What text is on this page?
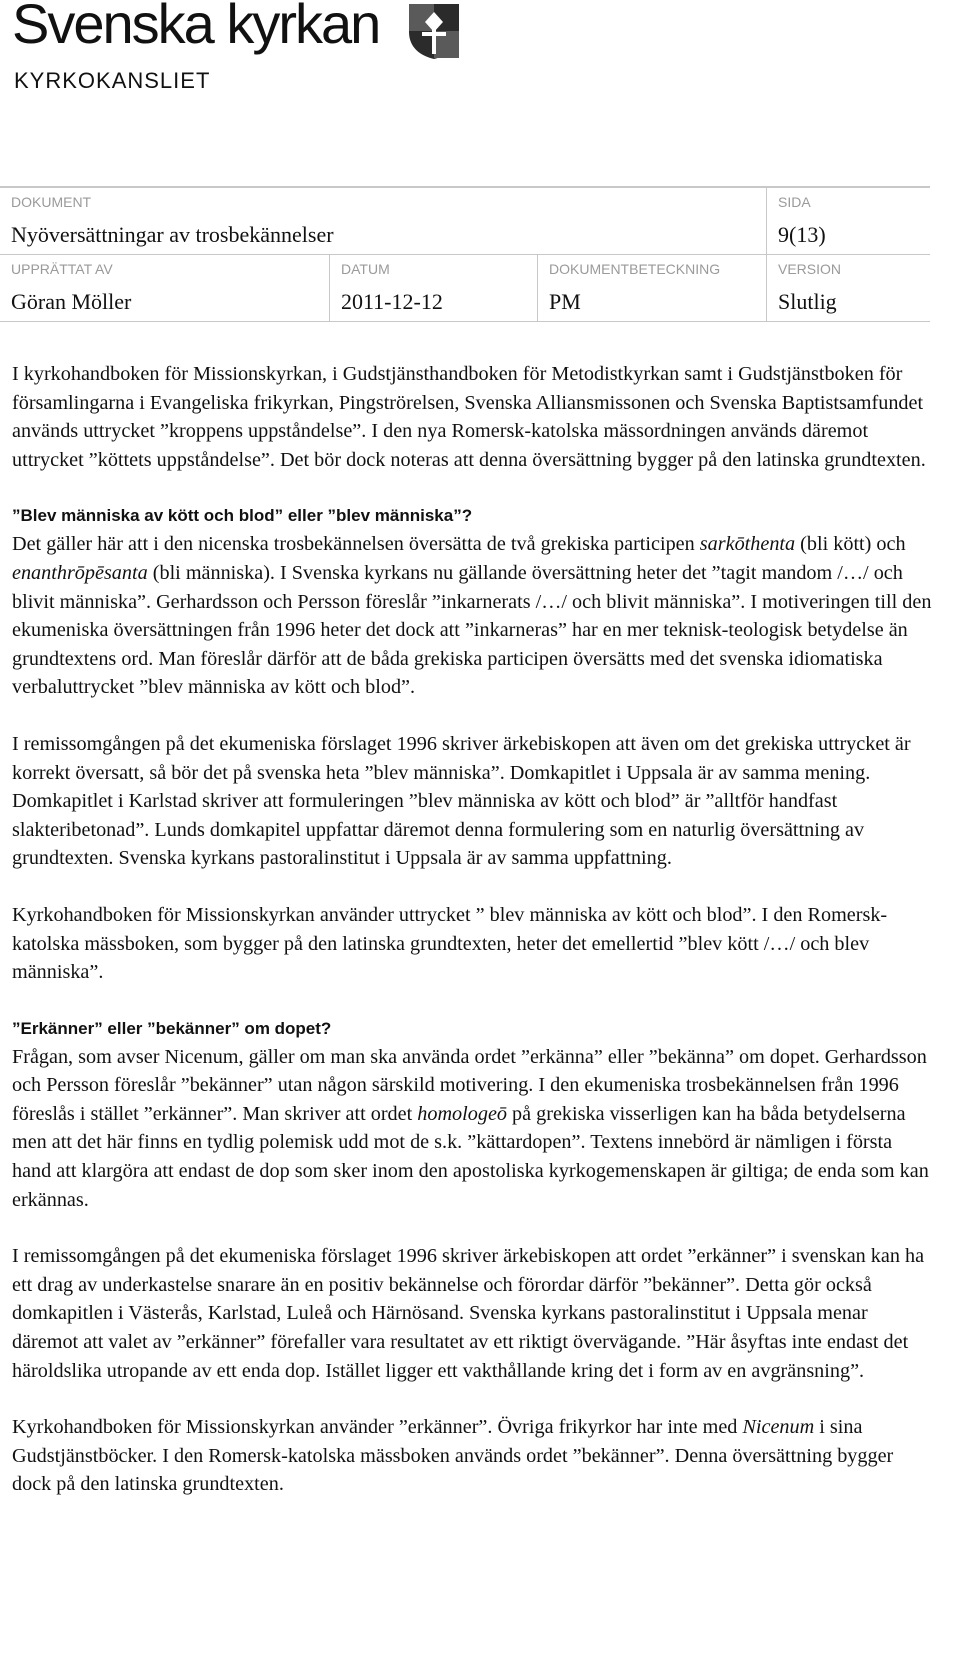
Svenska kyrkan
KYRKOKANSLIET
DOKUMENT
Nyöversättningar av trosbekännelser
SIDA
9(13)
UPPRÄTTAT AV
Göran Möller
DATUM
2011-12-12
DOKUMENTBETECKNING
PM
VERSION
Slutlig

I kyrkohandboken för Missionskyrkan, i Gudstjänsthandboken för Metodistkyrkan samt i Gudstjänstboken för församlingarna i Evangeliska frikyrkan, Pingströrelsen, Svenska Alliansmissonen och Svenska Baptistsamfundet används uttrycket ”kroppens uppståndelse”. I den nya Romersk-katolska mässordningen används däremot uttrycket ”köttets uppståndelse”. Det bör dock noteras att denna översättning bygger på den latinska grundtexten.

”Blev människa av kött och blod” eller ”blev människa”?

Det gäller här att i den nicenska trosbekännelsen översätta de två grekiska participen sarkōthenta (bli kött) och enanthrōpēsanta (bli människa). I Svenska kyrkans nu gällande översättning heter det ”tagit mandom /…/ och blivit människa”. Gerhardsson och Persson föreslår ”inkarnerats /…/ och blivit människa”. I motiveringen till den ekumeniska översättningen från 1996 heter det dock att ”inkarneras” har en mer teknisk-teologisk betydelse än grundtextens ord. Man föreslår därför att de båda grekiska participen översätts med det svenska idiomatiska verbaluttrycket ”blev människa av kött och blod”.

I remissomgången på det ekumeniska förslaget 1996 skriver ärkebiskopen att även om det grekiska uttrycket är korrekt översatt, så bör det på svenska heta ”blev människa”. Domkapitlet i Uppsala är av samma mening. Domkapitlet i Karlstad skriver att formuleringen ”blev människa av kött och blod” är ”alltför handfast slakteribetonad”. Lunds domkapitel uppfattar däremot denna formulering som en naturlig översättning av grundtexten. Svenska kyrkans pastoralinstitut i Uppsala är av samma uppfattning.

Kyrkohandboken för Missionskyrkan använder uttrycket ” blev människa av kött och blod”. I den Romersk-katolska mässboken, som bygger på den latinska grundtexten, heter det emellertid ”blev kött /…/ och blev människa”.

”Erkänner” eller ”bekänner” om dopet?

Frågan, som avser Nicenum, gäller om man ska använda ordet ”erkänna” eller ”bekänna” om dopet. Gerhardsson och Persson föreslår ”bekänner” utan någon särskild motivering. I den ekumeniska trosbekännelsen från 1996 föreslås i stället ”erkänner”. Man skriver att ordet homologeō på grekiska visserligen kan ha båda betydelserna men att det här finns en tydlig polemisk udd mot de s.k. ”kättardopen”. Textens innebörd är nämligen i första hand att klargöra att endast de dop som sker inom den apostoliska kyrkogemenskapen är giltiga; de enda som kan erkännas.

I remissomgången på det ekumeniska förslaget 1996 skriver ärkebiskopen att ordet ”erkänner” i svenskan kan ha ett drag av underkastelse snarare än en positiv bekännelse och förordar därför ”bekänner”. Detta gör också domkapitlen i Västerås, Karlstad, Luleå och Härnösand. Svenska kyrkans pastoralinstitut i Uppsala menar däremot att valet av ”erkänner” förefaller vara resultatet av ett riktigt övervägande. ”Här åsyftas inte endast det häroldslika utropande av ett enda dop. Istället ligger ett vakthållande kring det i form av en avgränsning”.

Kyrkohandboken för Missionskyrkan använder ”erkänner”. Övriga frikyrkor har inte med Nicenum i sina Gudstjänstböcker. I den Romersk-katolska mässboken används ordet ”bekänner”. Denna översättning bygger dock på den latinska grundtexten.
